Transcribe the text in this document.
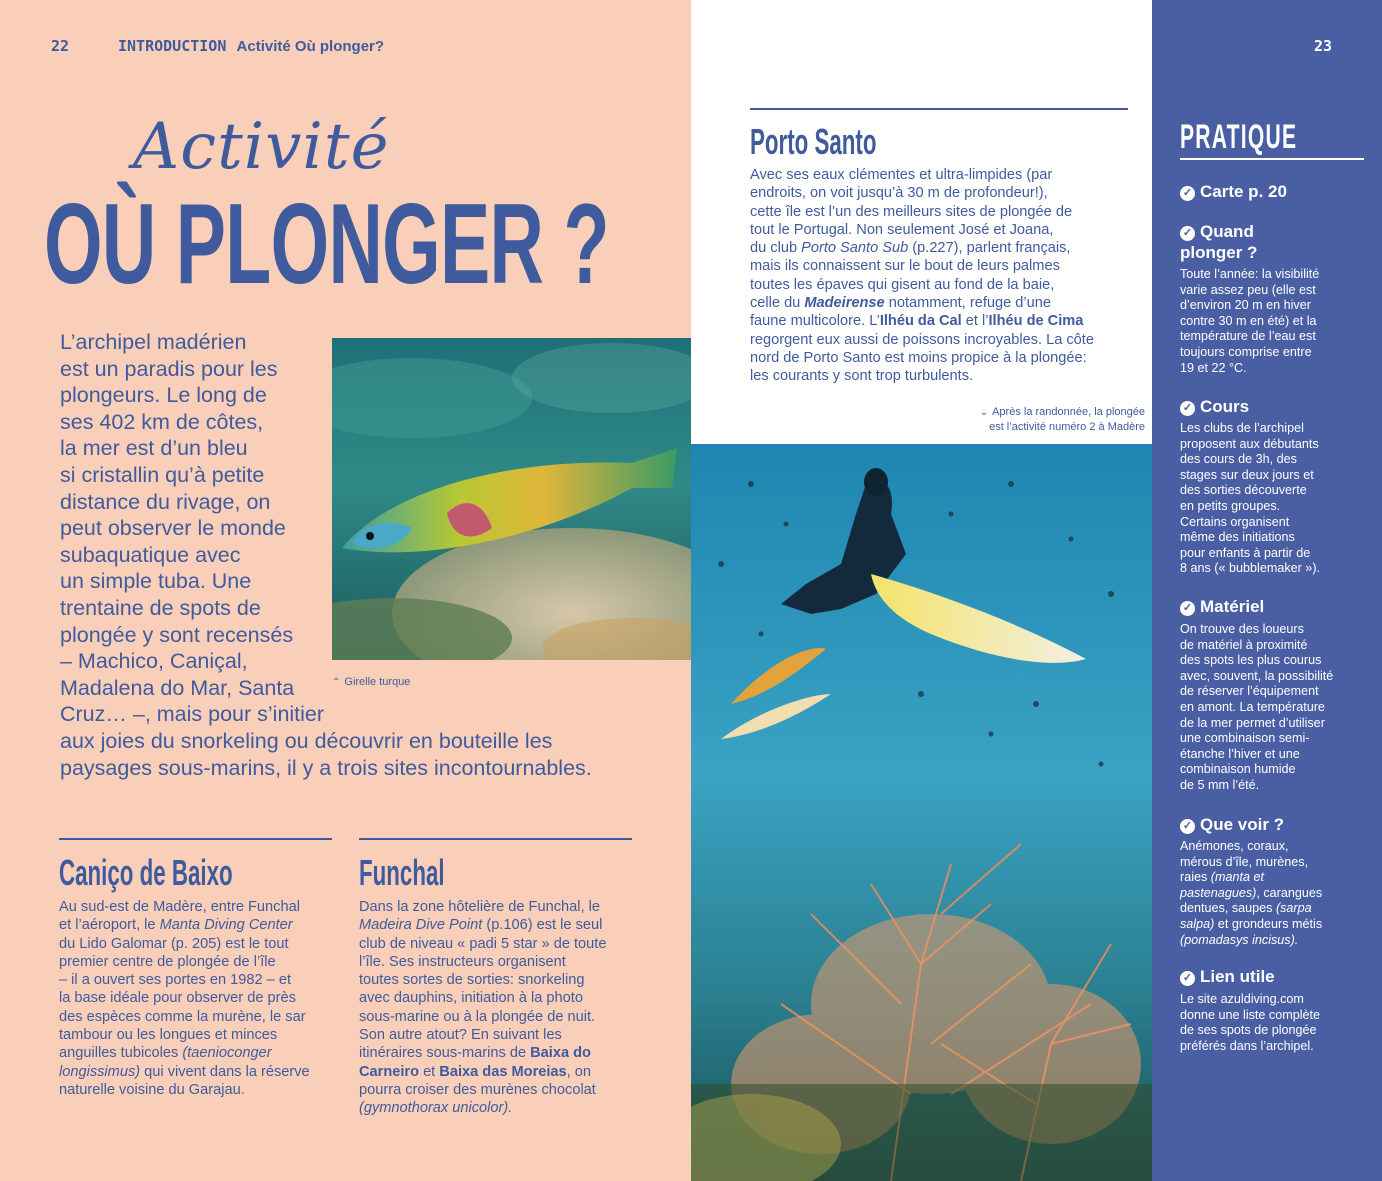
22	INTRODUCTION Activité Où plonger?	23
Activité
OÙ PLONGER ?
L’archipel madérien
est un paradis pour les
plongeurs. Le long de
ses 402 km de côtes,
la mer est d’un bleu
si cristallin qu’à petite
distance du rivage, on
peut observer le monde
subaquatique avec
un simple tuba. Une
trentaine de spots de
plongée y sont recensés
– Machico, Caniçal,
Madalena do Mar, Santa
Cruz… –, mais pour s’initier
aux joies du snorkeling ou découvrir en bouteille les
paysages sous-marins, il y a trois sites incontournables.
⌃ Girelle turque
⌄ Après la randonnée, la plongée
est l’activité numéro 2 à Madère
Porto Santo
Avec ses eaux clémentes et ultra-limpides (par
endroits, on voit jusqu’à 30 m de profondeur!),
cette île est l’un des meilleurs sites de plongée de
tout le Portugal. Non seulement José et Joana,
du club Porto Santo Sub (p.227), parlent français,
mais ils connaissent sur le bout de leurs palmes
toutes les épaves qui gisent au fond de la baie,
celle du Madeirense notamment, refuge d’une
faune multicolore. L’Ilhéu da Cal et l’Ilhéu de Cima
regorgent eux aussi de poissons incroyables. La côte
nord de Porto Santo est moins propice à la plongée:
les courants y sont trop turbulents.
Caniço de Baixo
Au sud-est de Madère, entre Funchal
et l’aéroport, le Manta Diving Center
du Lido Galomar (p. 205) est le tout
premier centre de plongée de l’île
– il a ouvert ses portes en 1982 – et
la base idéale pour observer de près
des espèces comme la murène, le sar
tambour ou les longues et minces
anguilles tubicoles (taenioconger
longissimus) qui vivent dans la réserve
naturelle voisine du Garajau.
Funchal
Dans la zone hôtelière de Funchal, le
Madeira Dive Point (p.106) est le seul
club de niveau « padi 5 star » de toute
l’île. Ses instructeurs organisent
toutes sortes de sorties: snorkeling
avec dauphins, initiation à la photo
sous-marine ou à la plongée de nuit.
Son autre atout? En suivant les
itinéraires sous-marins de Baixa do
Carneiro et Baixa das Moreias, on
pourra croiser des murènes chocolat
(gymnothorax unicolor).
PRATIQUE
✓ Carte p. 20
✓ Quand
plonger ?
Toute l’année: la visibilité
varie assez peu (elle est
d’environ 20 m en hiver
contre 30 m en été) et la
température de l’eau est
toujours comprise entre
19 et 22 °C.
✓ Cours
Les clubs de l’archipel
proposent aux débutants
des cours de 3h, des
stages sur deux jours et
des sorties découverte
en petits groupes.
Certains organisent
même des initiations
pour enfants à partir de
8 ans (« bubblemaker »).
✓ Matériel
On trouve des loueurs
de matériel à proximité
des spots les plus courus
avec, souvent, la possibilité
de réserver l’équipement
en amont. La température
de la mer permet d’utiliser
une combinaison semi-
étanche l’hiver et une
combinaison humide
de 5 mm l’été.
✓ Que voir ?
Anémones, coraux,
mérous d’île, murènes,
raies (manta et
pastenagues), carangues
dentues, saupes (sarpa
salpa) et grondeurs métis
(pomadasys incisus).
✓ Lien utile
Le site azuldiving.com
donne une liste complète
de ses spots de plongée
préférés dans l’archipel.
